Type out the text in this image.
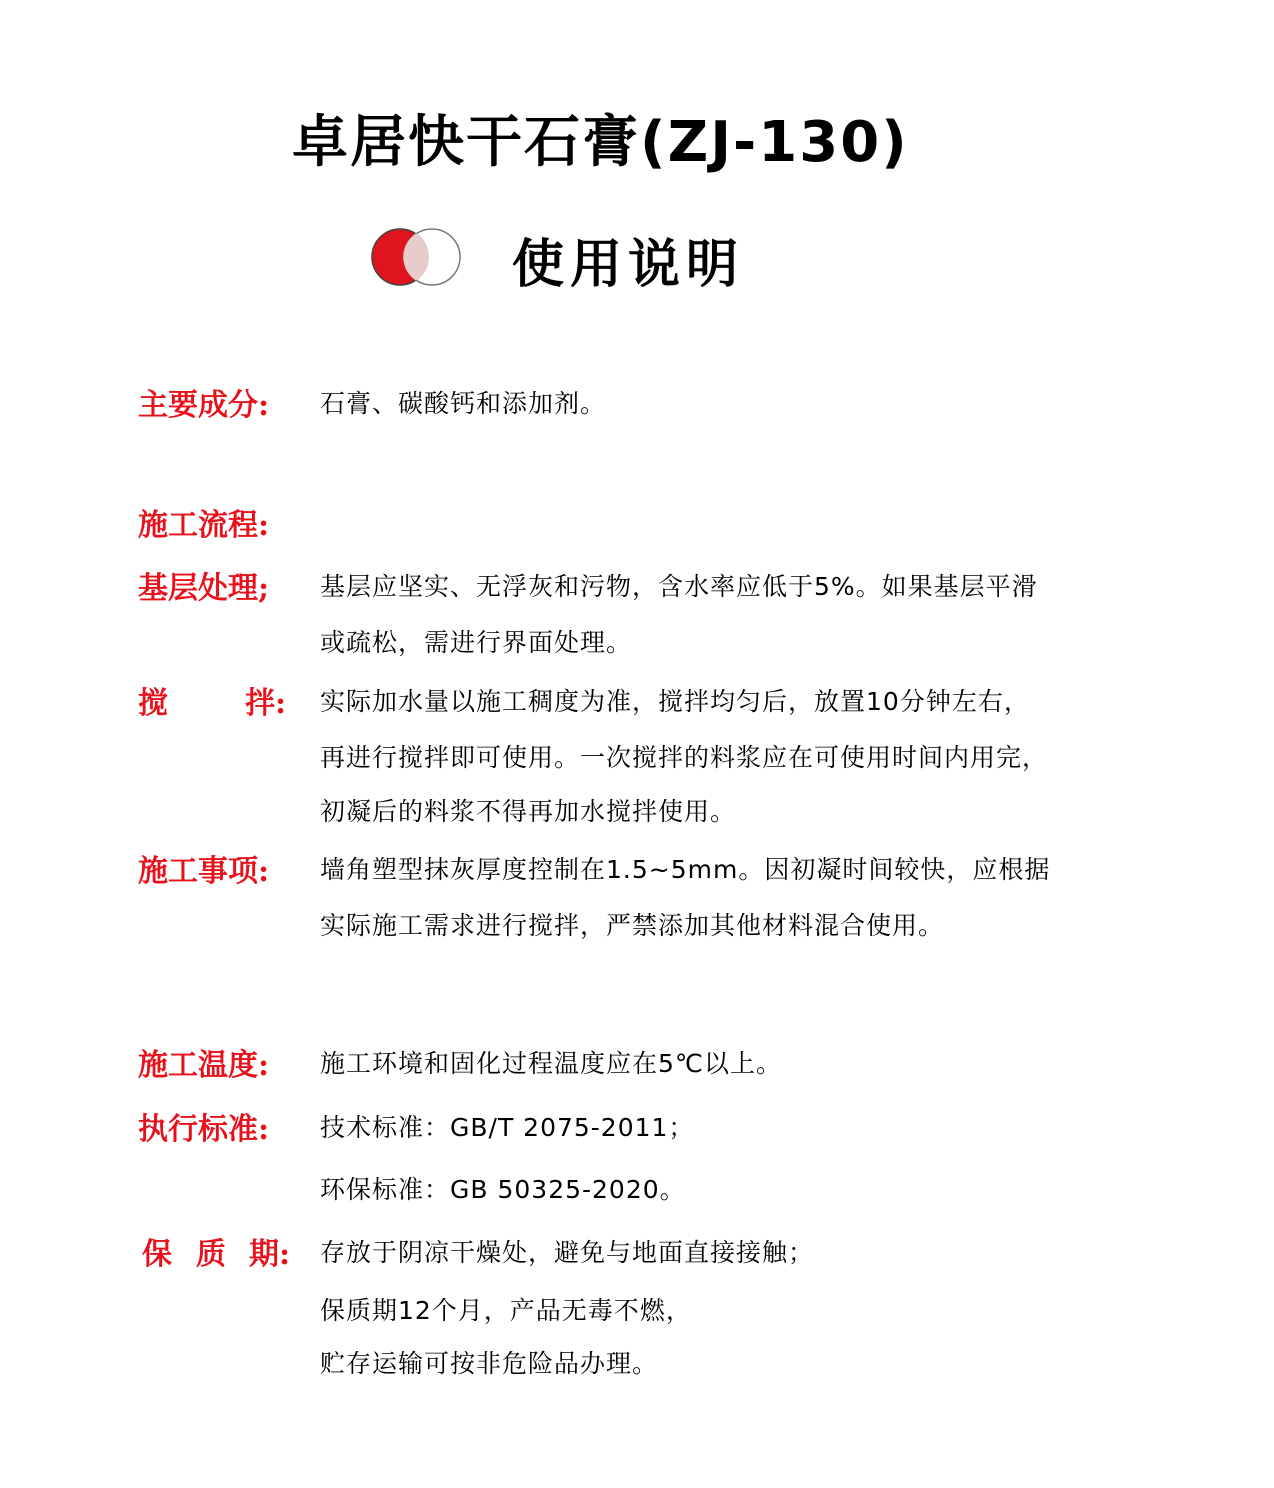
卓居快干石膏(ZJ-130)
使用说明
主要成分: 石膏、碳酸钙和添加剂。
施工流程:
基层处理; 基层应坚实、无浮灰和污物，含水率应低于5%。如果基层平滑
或疏松，需进行界面处理。
搅	拌: 实际加水量以施工稠度为准，搅拌均匀后，放置10分钟左右，
再进行搅拌即可使用。一次搅拌的料浆应在可使用时间内用完，
初凝后的料浆不得再加水搅拌使用。
施工事项: 墙角塑型抹灰厚度控制在1.5~5mm。因初凝时间较快，应根据
实际施工需求进行搅拌，严禁添加其他材料混合使用。
施工温度: 施工环境和固化过程温度应在5℃以上。
执行标准: 技术标准：GB/T 2075-2011；
环保标准：GB 50325-2020。
保 质 期: 存放于阴凉干燥处，避免与地面直接接触；
保质期12个月，产品无毒不燃，
贮存运输可按非危险品办理。
